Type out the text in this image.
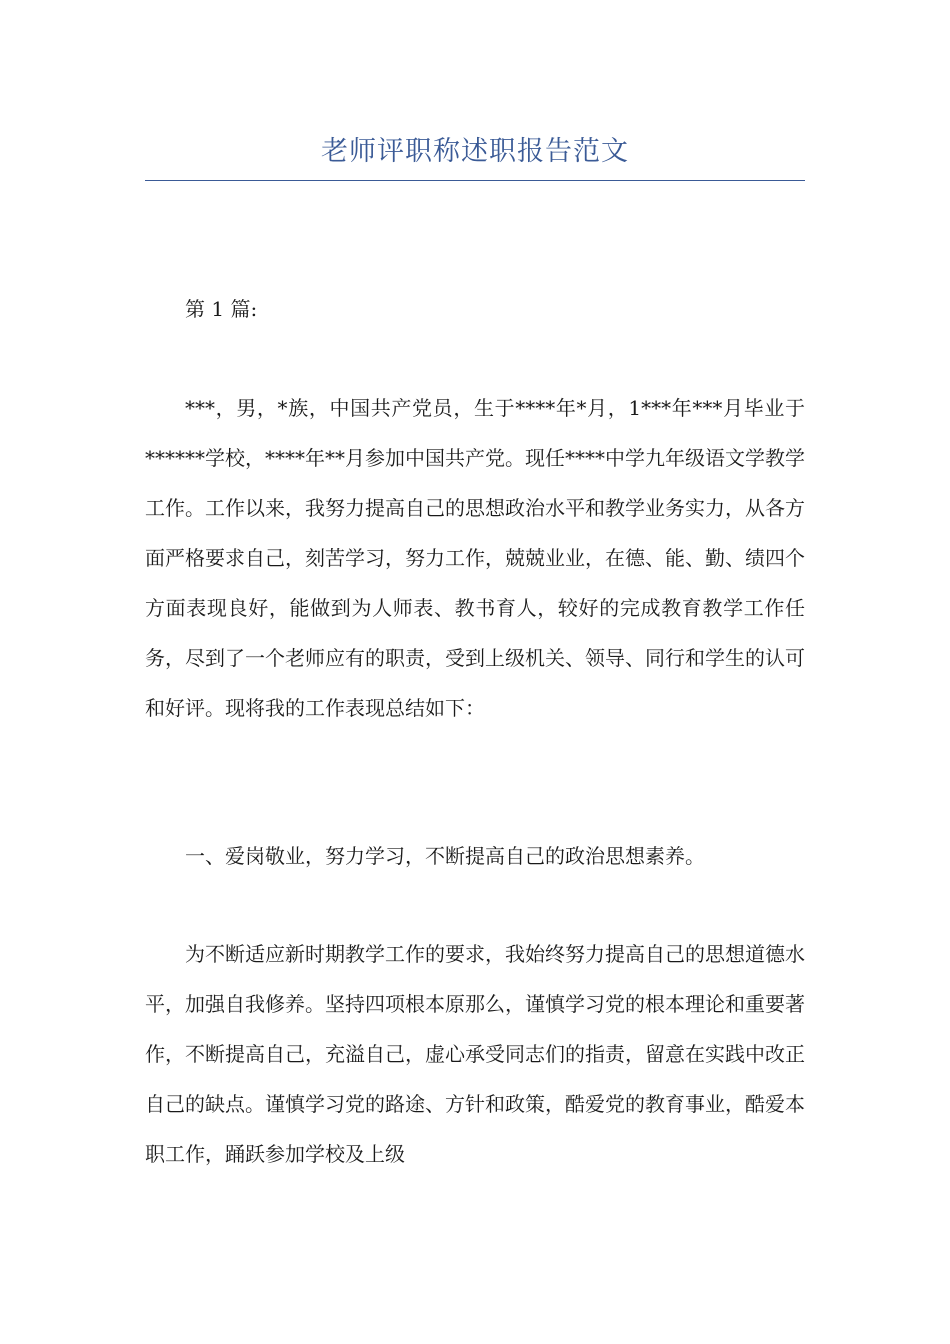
老师评职称述职报告范文

第 1 篇:

***，男，*族，中国共产党员，生于****年*月，1***年***月毕业于******学校，****年**月参加中国共产党。现任****中学九年级语文学教学工作。工作以来，我努力提高自己的思想政治水平和教学业务实力，从各方面严格要求自己，刻苦学习，努力工作，兢兢业业，在德、能、勤、绩四个方面表现良好，能做到为人师表、教书育人，较好的完成教育教学工作任务，尽到了一个老师应有的职责，受到上级机关、领导、同行和学生的认可和好评。现将我的工作表现总结如下：

一、爱岗敬业，努力学习，不断提高自己的政治思想素养。

为不断适应新时期教学工作的要求，我始终努力提高自己的思想道德水平，加强自我修养。坚持四项根本原那么，谨慎学习党的根本理论和重要著作，不断提高自己，充溢自己，虚心承受同志们的指责，留意在实践中改正自己的缺点。谨慎学习党的路途、方针和政策，酷爱党的教育事业，酷爱本职工作，踊跃参加学校及上级
